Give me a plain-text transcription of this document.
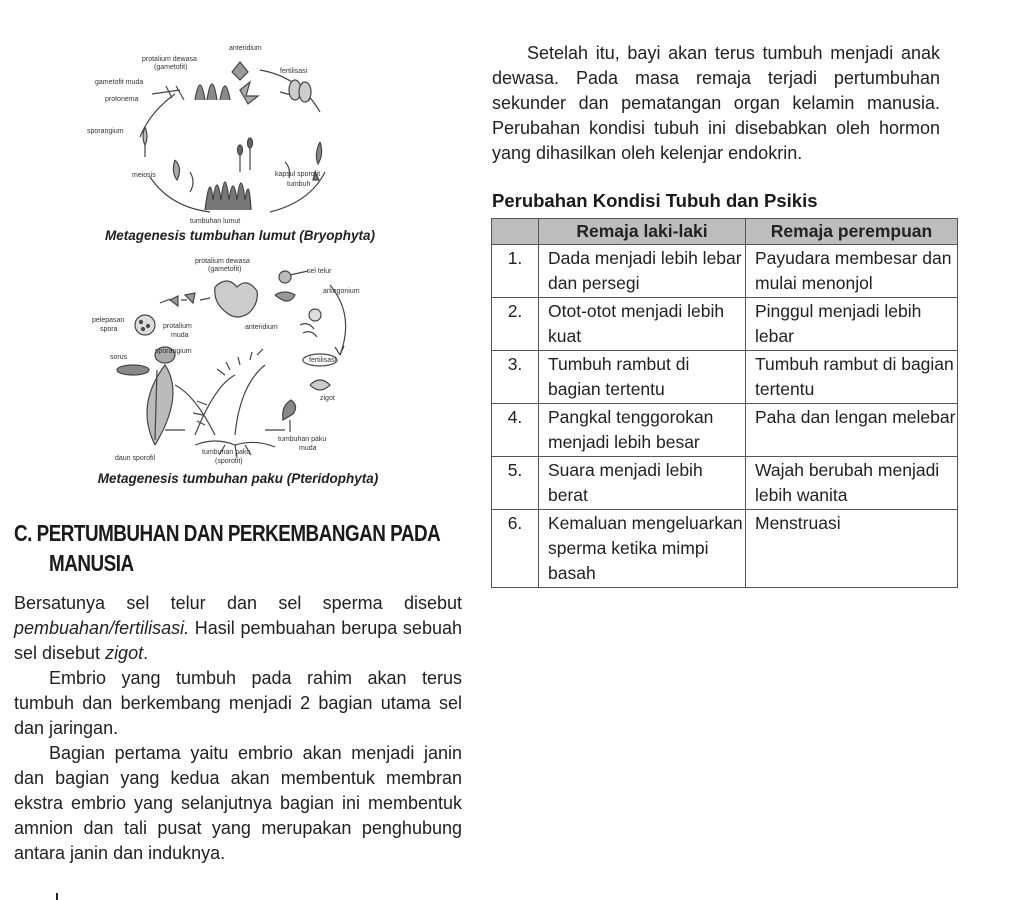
anteridium
protalium dewasa
(gametofit)
gametofit muda
fertilisasi
protonema
sporangium
meiosis	kapsul sporofit
tumbuh
tumbuhan lumut
Metagenesis tumbuhan lumut (Bryophyta)
protalium dewasa
(gametofit)	sel telur
arkegonium
pelepasan
spora	protalium
muda
anteridium
sorus
sporangium
fertilisasi
zigot
tumbuhan paku
muda
daun sporofil
tumbuhan paku
(sporofit)
Metagenesis tumbuhan paku (Pteridophyta)
C. PERTUMBUHAN DAN PERKEMBANGAN PADA
MANUSIA

Bersatunya sel telur dan sel sperma disebut pembuahan/fertilisasi. Hasil pembuahan berupa sebuah sel disebut zigot.

Embrio yang tumbuh pada rahim akan terus tumbuh dan berkembang menjadi 2 bagian utama sel dan jaringan.

Bagian pertama yaitu embrio akan menjadi janin dan bagian yang kedua akan membentuk membran ekstra embrio yang selanjutnya bagian ini membentuk amnion dan tali pusat yang merupakan penghubung antara janin dan induknya.

Setelah itu, bayi akan terus tumbuh menjadi anak dewasa. Pada masa remaja terjadi pertumbuhan sekunder dan pematangan organ kelamin manusia. Perubahan kondisi tubuh ini disebabkan oleh hormon yang dihasilkan oleh kelenjar endokrin.

Perubahan Kondisi Tubuh dan Psikis
	Remaja laki-laki	Remaja perempuan
1.	Dada menjadi lebih lebar dan persegi	Payudara membesar dan mulai menonjol
2.	Otot-otot menjadi lebih kuat	Pinggul menjadi lebih lebar
3.	Tumbuh rambut di bagian tertentu	Tumbuh rambut di bagian tertentu
4.	Pangkal tenggorokan menjadi lebih besar	Paha dan lengan melebar
5.	Suara menjadi lebih berat	Wajah berubah menjadi lebih wanita
6.	Kemaluan mengeluarkan sperma ketika mimpi basah	Menstruasi
